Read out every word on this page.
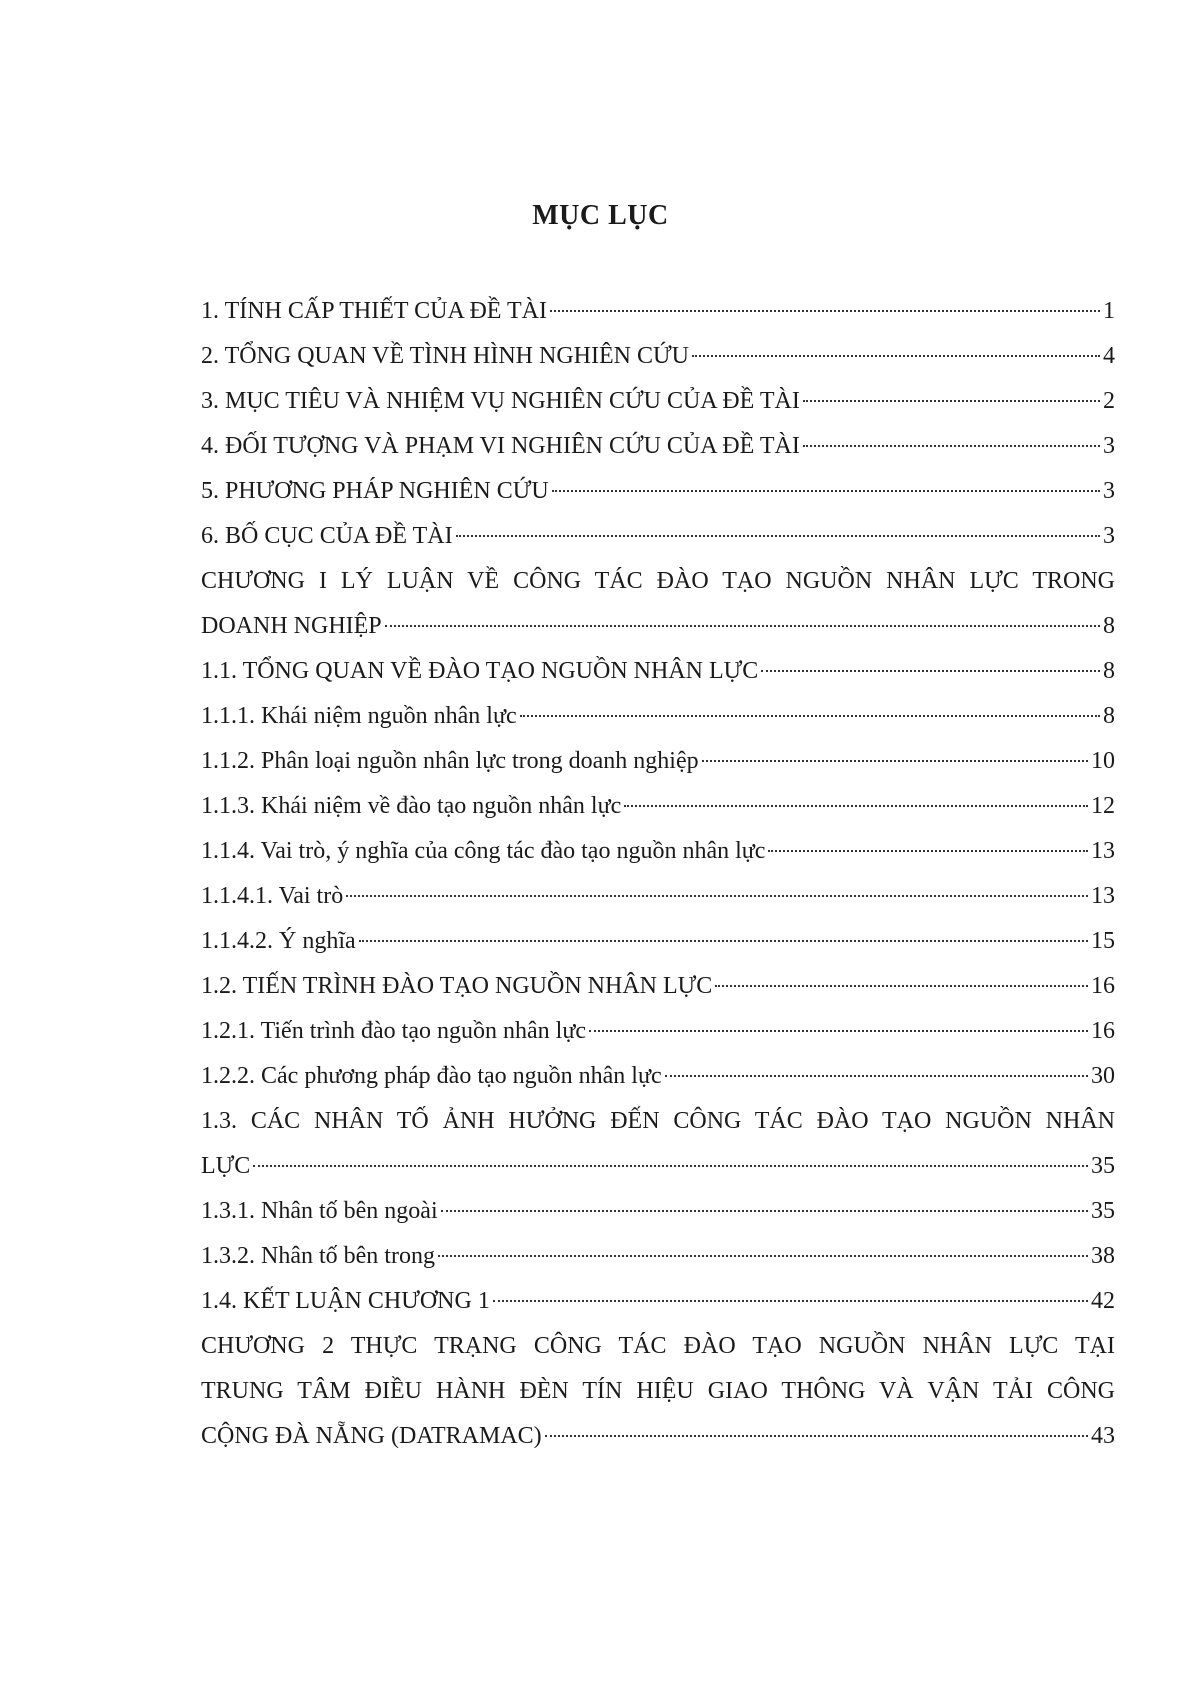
MỤC LỤC
1. TÍNH CẤP THIẾT CỦA ĐỀ TÀI	1
2. TỔNG QUAN VỀ TÌNH HÌNH NGHIÊN CỨU	4
3. MỤC TIÊU VÀ NHIỆM VỤ NGHIÊN CỨU CỦA ĐỀ TÀI	2
4. ĐỐI TƯỢNG VÀ PHẠM VI NGHIÊN CỨU CỦA ĐỀ TÀI	3
5. PHƯƠNG PHÁP NGHIÊN CỨU	3
6. BỐ CỤC CỦA ĐỀ TÀI	3
CHƯƠNG I LÝ LUẬN VỀ CÔNG TÁC ĐÀO TẠO NGUỒN NHÂN LỰC TRONG
DOANH NGHIỆP	8
1.1. TỔNG QUAN VỀ ĐÀO TẠO NGUỒN NHÂN LỰC	8
1.1.1. Khái niệm nguồn nhân lực	8
1.1.2. Phân loại nguồn nhân lực trong doanh nghiệp	10
1.1.3. Khái niệm về đào tạo nguồn nhân lực	12
1.1.4. Vai trò, ý nghĩa của công tác đào tạo nguồn nhân lực	13
1.1.4.1. Vai trò	13
1.1.4.2. Ý nghĩa	15
1.2. TIẾN TRÌNH ĐÀO TẠO NGUỒN NHÂN LỰC	16
1.2.1. Tiến trình đào tạo nguồn nhân lực	16
1.2.2. Các phương pháp đào tạo nguồn nhân lực	30
1.3. CÁC NHÂN TỐ ẢNH HƯỞNG ĐẾN CÔNG TÁC ĐÀO TẠO NGUỒN NHÂN
LỰC	35
1.3.1. Nhân tố bên ngoài	35
1.3.2. Nhân tố bên trong	38
1.4. KẾT LUẬN CHƯƠNG 1	42
CHƯƠNG 2 THỰC TRẠNG CÔNG TÁC ĐÀO TẠO NGUỒN NHÂN LỰC TẠI
TRUNG TÂM ĐIỀU HÀNH ĐÈN TÍN HIỆU GIAO THÔNG VÀ VẬN TẢI CÔNG
CỘNG ĐÀ NẴNG (DATRAMAC)	43
